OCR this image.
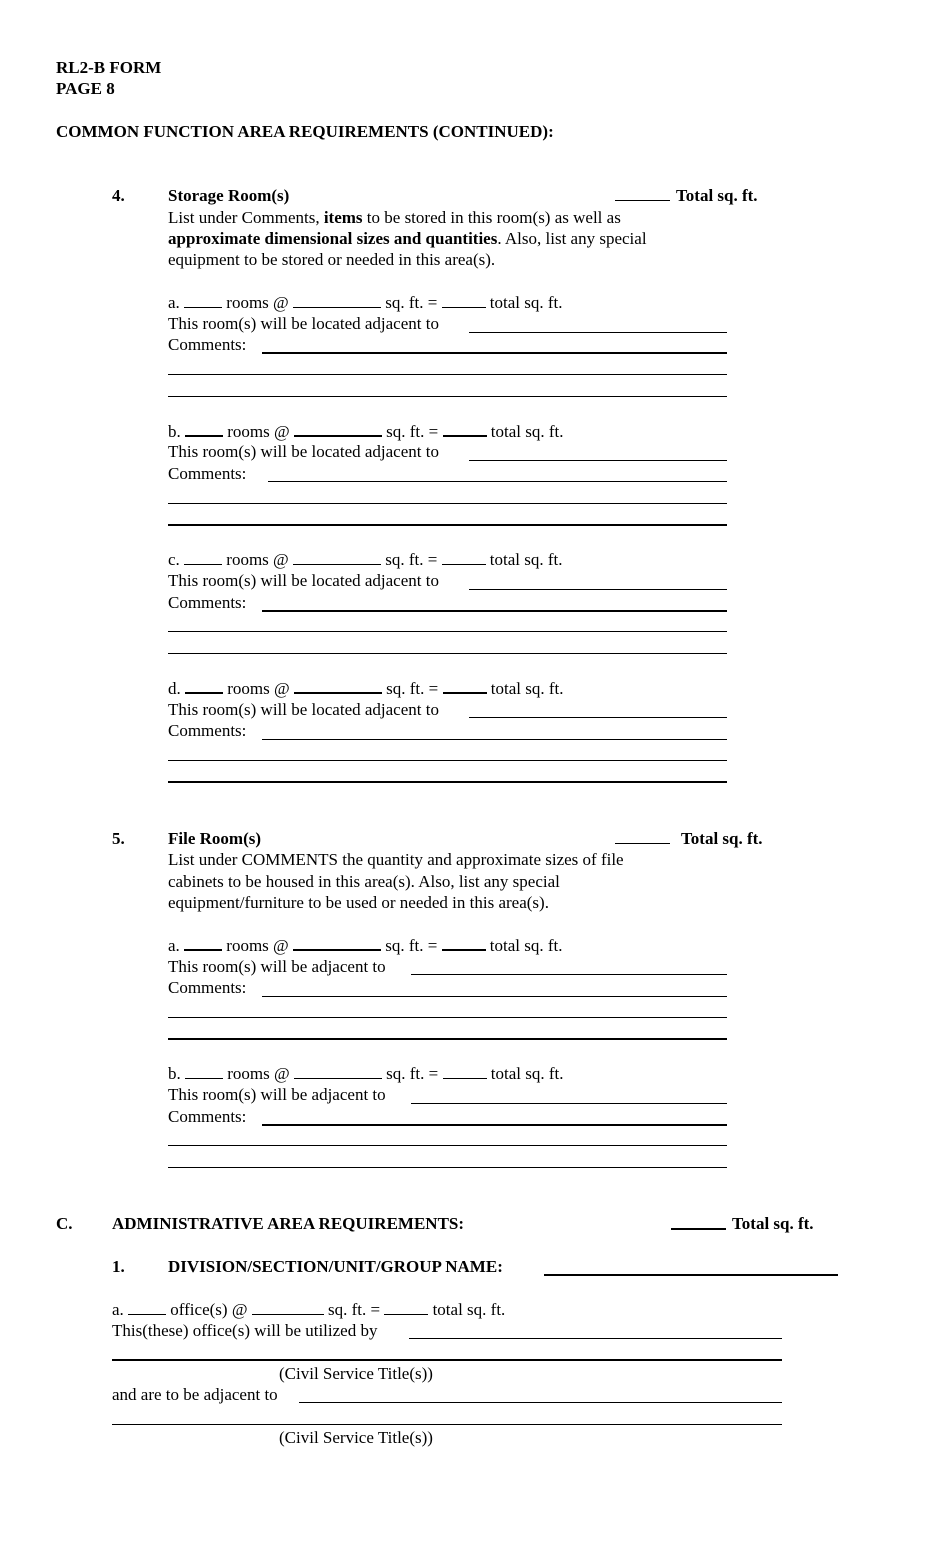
RL2-B FORM
PAGE 8
COMMON FUNCTION AREA REQUIREMENTS (CONTINUED):
4.	Storage Room(s)	Total sq. ft.
List under Comments, items to be stored in this room(s) as well as
approximate dimensional sizes and quantities. Also, list any special
equipment to be stored or needed in this area(s).
a.	rooms @	sq. ft. =	total sq. ft.
This room(s) will be located adjacent to
Comments:
b.	rooms @	sq. ft. =	total sq. ft.
This room(s) will be located adjacent to
Comments:
c.	rooms @	sq. ft. =	total sq. ft.
This room(s) will be located adjacent to
Comments:
d.	rooms @	sq. ft. =	total sq. ft.
This room(s) will be located adjacent to
Comments:
5.	File Room(s)	Total sq. ft.
List under COMMENTS the quantity and approximate sizes of file
cabinets to be housed in this area(s). Also, list any special
equipment/furniture to be used or needed in this area(s).
a.	rooms @	sq. ft. =	total sq. ft.
This room(s) will be adjacent to
Comments:
b.	rooms @	sq. ft. =	total sq. ft.
This room(s) will be adjacent to
Comments:
C. ADMINISTRATIVE AREA REQUIREMENTS:	Total sq. ft.
1.	DIVISION/SECTION/UNIT/GROUP NAME:
a.	office(s) @	sq. ft. =	total sq. ft.
This(these) office(s) will be utilized by
(Civil Service Title(s))
and are to be adjacent to
(Civil Service Title(s))
